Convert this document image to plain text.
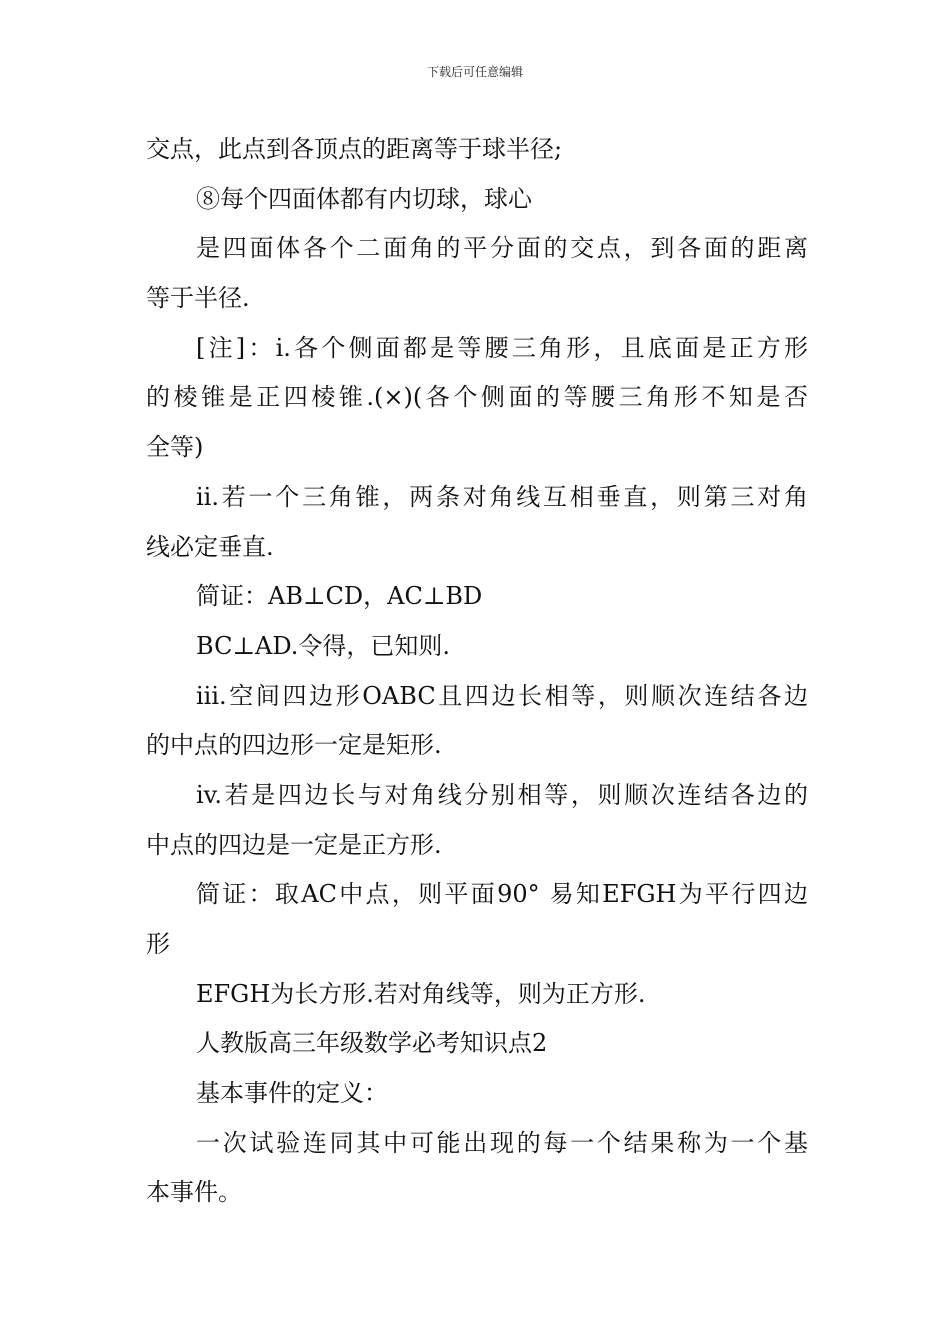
下载后可任意编辑
交点，此点到各顶点的距离等于球半径;
⑧每个四面体都有内切球，球心
是四面体各个二面角的平分面的交点，到各面的距离
等于半径.
[注]：i.各个侧面都是等腰三角形，且底面是正方形
的棱锥是正四棱锥.(×)(各个侧面的等腰三角形不知是否
全等)
ii.若一个三角锥，两条对角线互相垂直，则第三对角
线必定垂直.
简证：AB⊥CD，AC⊥BD
BC⊥AD.令得，已知则.
iii.空间四边形OABC且四边长相等，则顺次连结各边
的中点的四边形一定是矩形.
iv.若是四边长与对角线分别相等，则顺次连结各边的
中点的四边是一定是正方形.
简证：取AC中点，则平面90° 易知EFGH为平行四边
形
EFGH为长方形.若对角线等，则为正方形.
人教版高三年级数学必考知识点2
基本事件的定义：
一次试验连同其中可能出现的每一个结果称为一个基
本事件。
